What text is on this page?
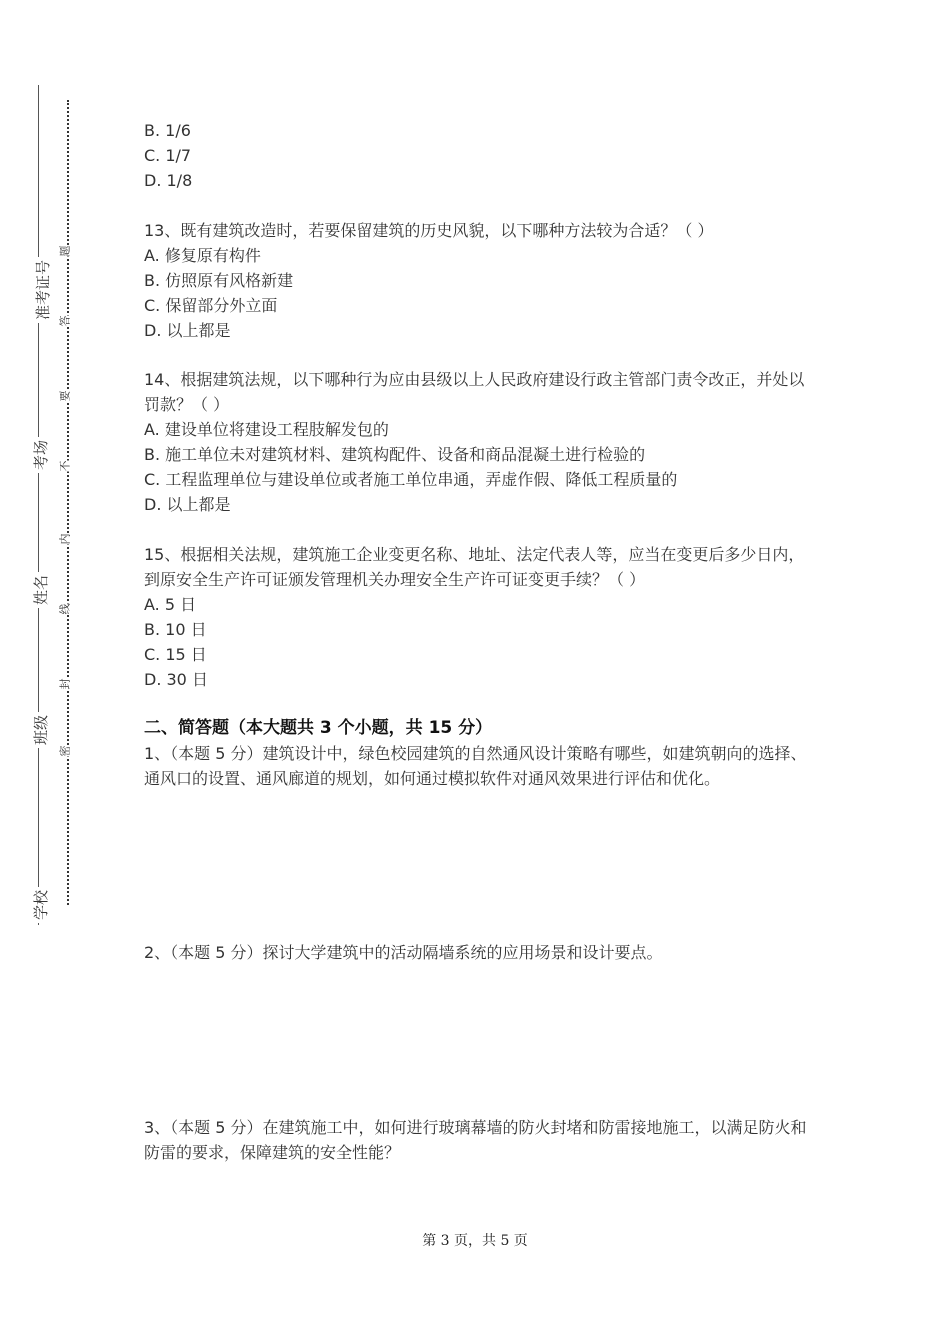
准考证号
考场
姓名
班级
学校
题
答
要
不
内
线
封
密
B. 1/6
C. 1/7
D. 1/8
13、既有建筑改造时，若要保留建筑的历史风貌，以下哪种方法较为合适？（ ）
A. 修复原有构件
B. 仿照原有风格新建
C. 保留部分外立面
D. 以上都是
14、根据建筑法规，以下哪种行为应由县级以上人民政府建设行政主管部门责令改正，并处以罚款？（ ）
A. 建设单位将建设工程肢解发包的
B. 施工单位未对建筑材料、建筑构配件、设备和商品混凝土进行检验的
C. 工程监理单位与建设单位或者施工单位串通，弄虚作假、降低工程质量的
D. 以上都是
15、根据相关法规，建筑施工企业变更名称、地址、法定代表人等，应当在变更后多少日内，到原安全生产许可证颁发管理机关办理安全生产许可证变更手续？（ ）
A. 5 日
B. 10 日
C. 15 日
D. 30 日
二、简答题（本大题共 3 个小题，共 15 分）
1、（本题 5 分）建筑设计中，绿色校园建筑的自然通风设计策略有哪些，如建筑朝向的选择、通风口的设置、通风廊道的规划，如何通过模拟软件对通风效果进行评估和优化。
2、（本题 5 分）探讨大学建筑中的活动隔墙系统的应用场景和设计要点。
3、（本题 5 分）在建筑施工中，如何进行玻璃幕墙的防火封堵和防雷接地施工，以满足防火和防雷的要求，保障建筑的安全性能？
第 3 页，共 5 页
